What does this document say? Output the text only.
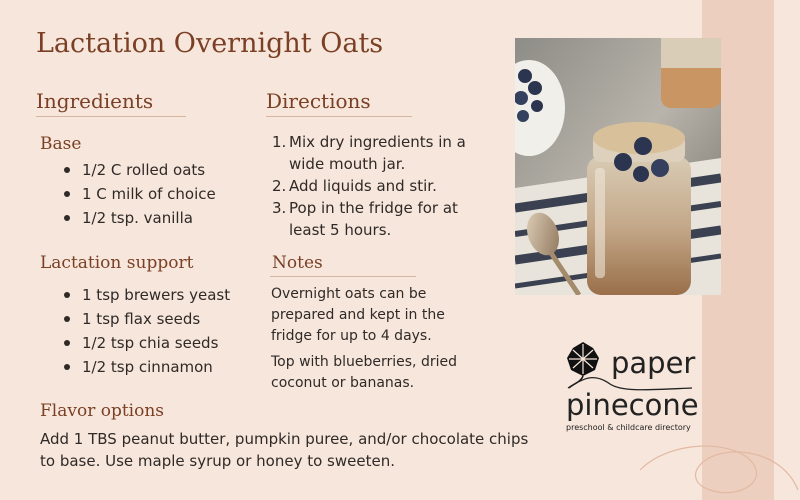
Lactation Overnight Oats
Ingredients
Base
1/2 C rolled oats
1 C milk of choice
1/2 tsp. vanilla
Lactation support
1 tsp brewers yeast
1 tsp flax seeds
1/2 tsp chia seeds
1/2 tsp cinnamon
Directions
1. Mix dry ingredients in a wide mouth jar.
2. Add liquids and stir.
3. Pop in the fridge for at least 5 hours.
Notes
Overnight oats can be prepared and kept in the fridge for up to 4 days.
Top with blueberries, dried coconut or bananas.
Flavor options
Add 1 TBS peanut butter, pumpkin puree, and/or chocolate chips to base. Use maple syrup or honey to sweeten.
paper
pinecone
preschool & childcare directory
